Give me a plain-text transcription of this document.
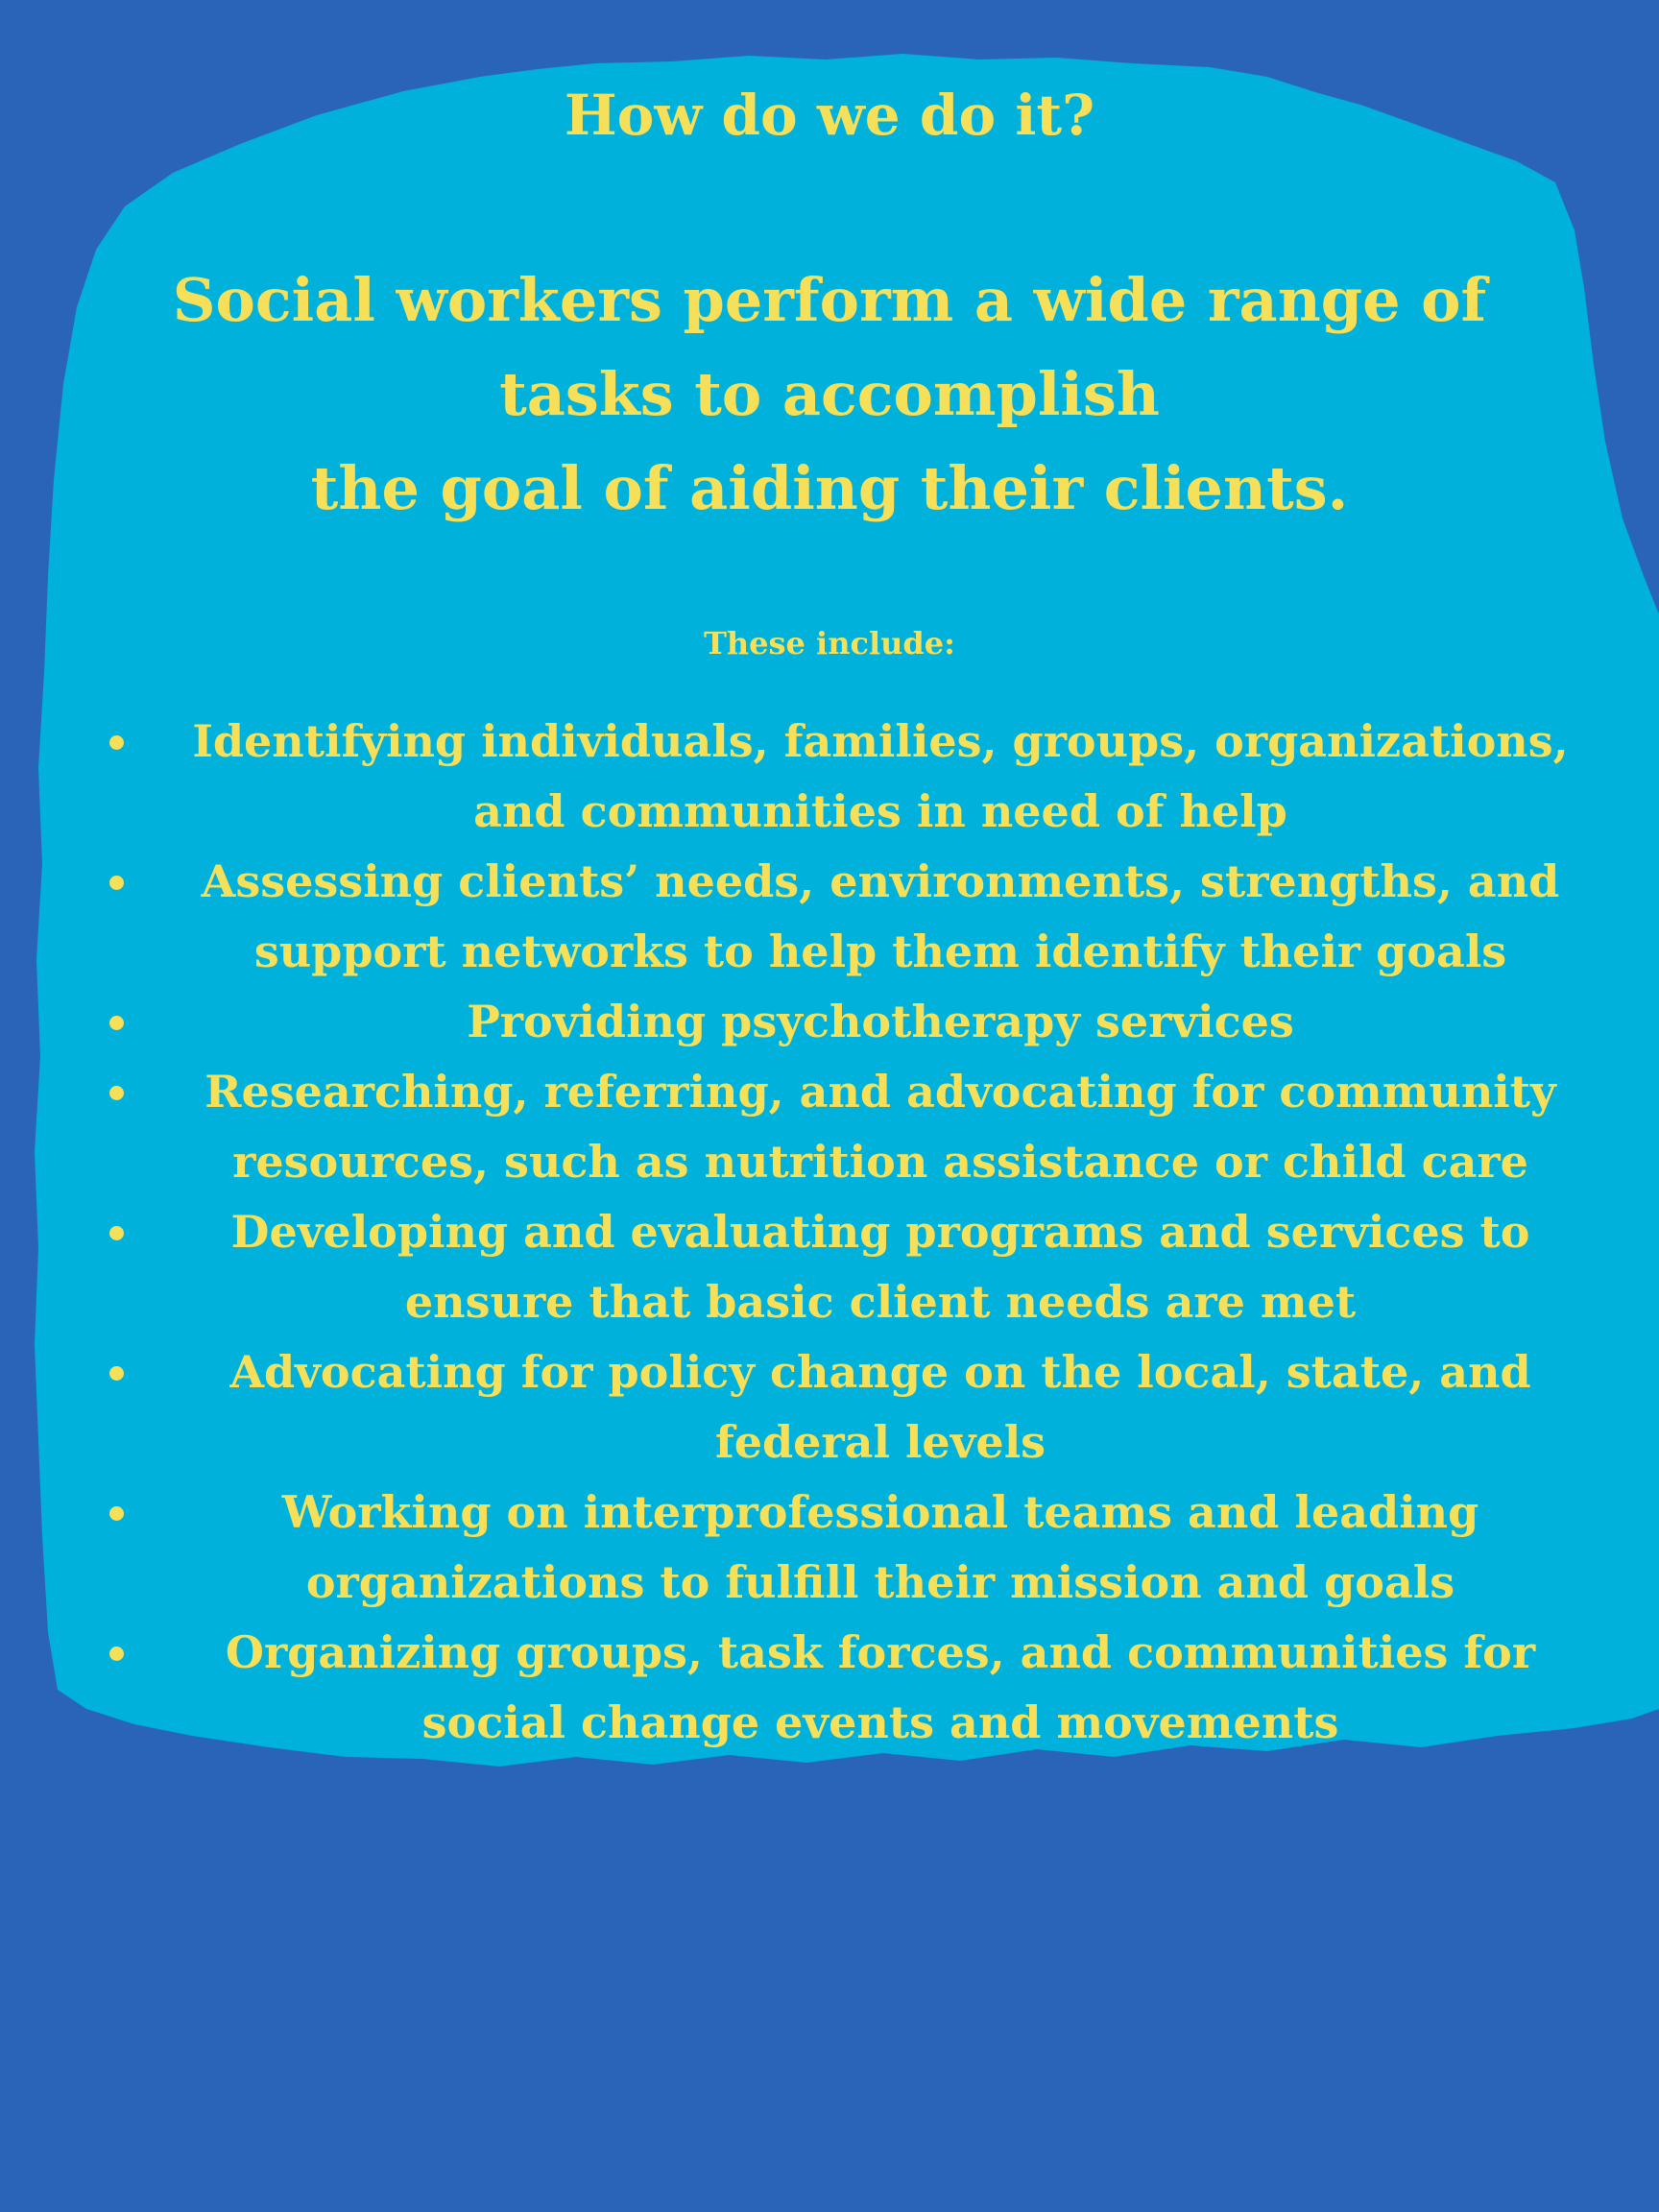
How do we do it?
Social workers perform a wide range of
tasks to accomplish
the goal of aiding their clients.

These include:

Identifying individuals, families, groups, organizations, and communities in need of help
Assessing clients’ needs, environments, strengths, and support networks to help them identify their goals
Providing psychotherapy services
Researching, referring, and advocating for community resources, such as nutrition assistance or child care
Developing and evaluating programs and services to ensure that basic client needs are met
Advocating for policy change on the local, state, and federal levels
Working on interprofessional teams and leading organizations to fulfill their mission and goals
Organizing groups, task forces, and communities for social change events and movements
